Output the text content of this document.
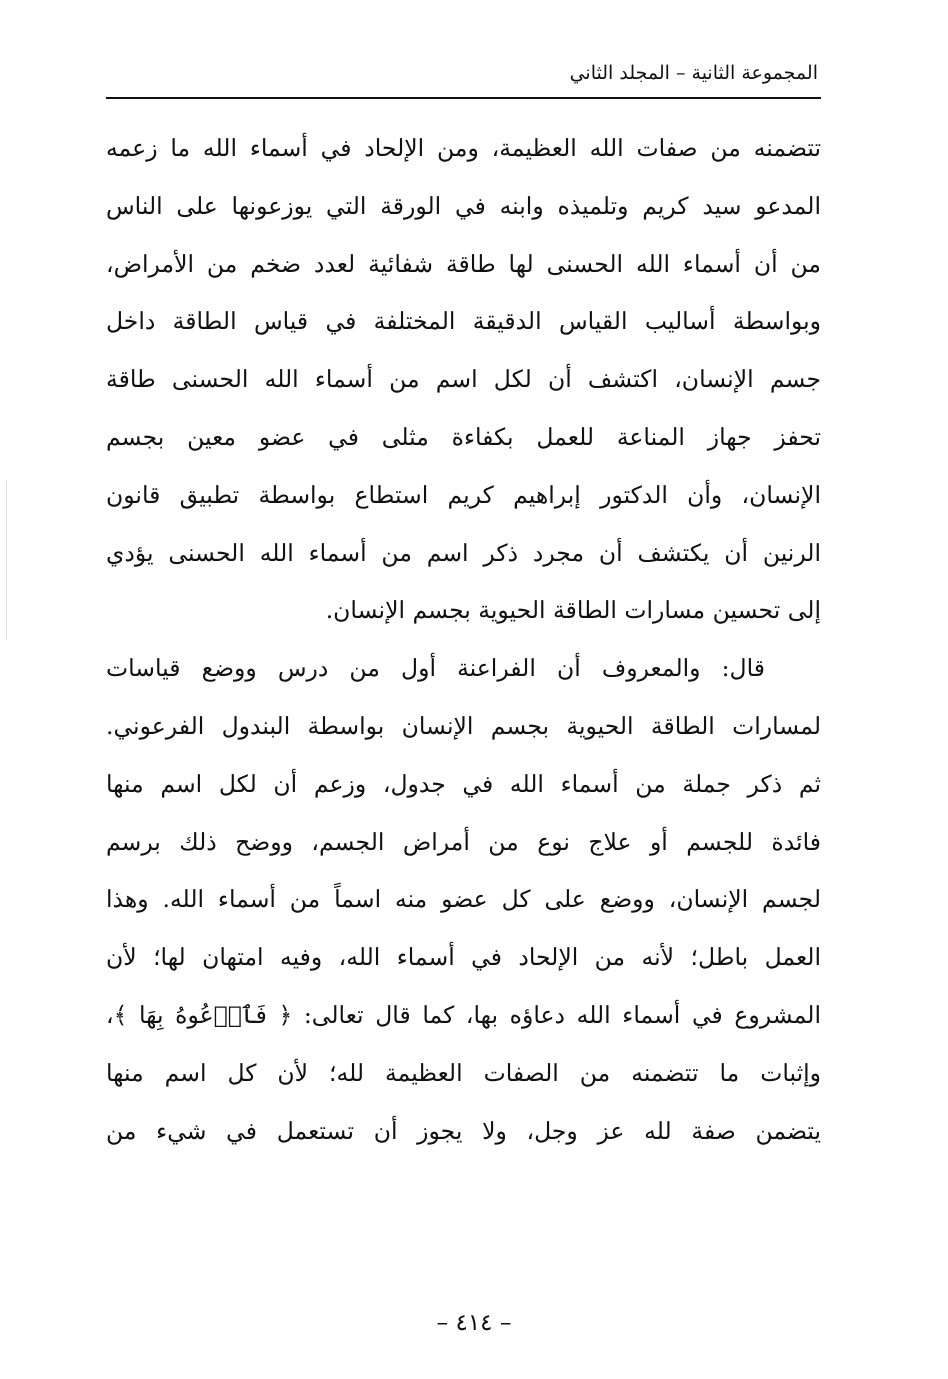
المجموعة الثانية – المجلد الثاني
تتضمنه من صفات الله العظيمة، ومن الإلحاد في أسماء الله ما زعمه
المدعو سيد كريم وتلميذه وابنه في الورقة التي يوزعونها على الناس
من أن أسماء الله الحسنى لها طاقة شفائية لعدد ضخم من الأمراض،
وبواسطة أساليب القياس الدقيقة المختلفة في قياس الطاقة داخل
جسم الإنسان، اكتشف أن لكل اسم من أسماء الله الحسنى طاقة
تحفز جهاز المناعة للعمل بكفاءة مثلى في عضو معين بجسم
الإنسان، وأن الدكتور إبراهيم كريم استطاع بواسطة تطبيق قانون
الرنين أن يكتشف أن مجرد ذكر اسم من أسماء الله الحسنى يؤدي
إلى تحسين مسارات الطاقة الحيوية بجسم الإنسان.
قال: والمعروف أن الفراعنة أول من درس ووضع قياسات
لمسارات الطاقة الحيوية بجسم الإنسان بواسطة البندول الفرعوني.
ثم ذكر جملة من أسماء الله في جدول، وزعم أن لكل اسم منها
فائدة للجسم أو علاج نوع من أمراض الجسم، ووضح ذلك برسم
لجسم الإنسان، ووضع على كل عضو منه اسماً من أسماء الله. وهذا
العمل باطل؛ لأنه من الإلحاد في أسماء الله، وفيه امتهان لها؛ لأن
المشروع في أسماء الله دعاؤه بها، كما قال تعالى: ﴿ فَٱدۡعُوهُ بِهَا ﴾،
وإثبات ما تتضمنه من الصفات العظيمة لله؛ لأن كل اسم منها
يتضمن صفة لله عز وجل، ولا يجوز أن تستعمل في شيء من
– ٤١٤ –
